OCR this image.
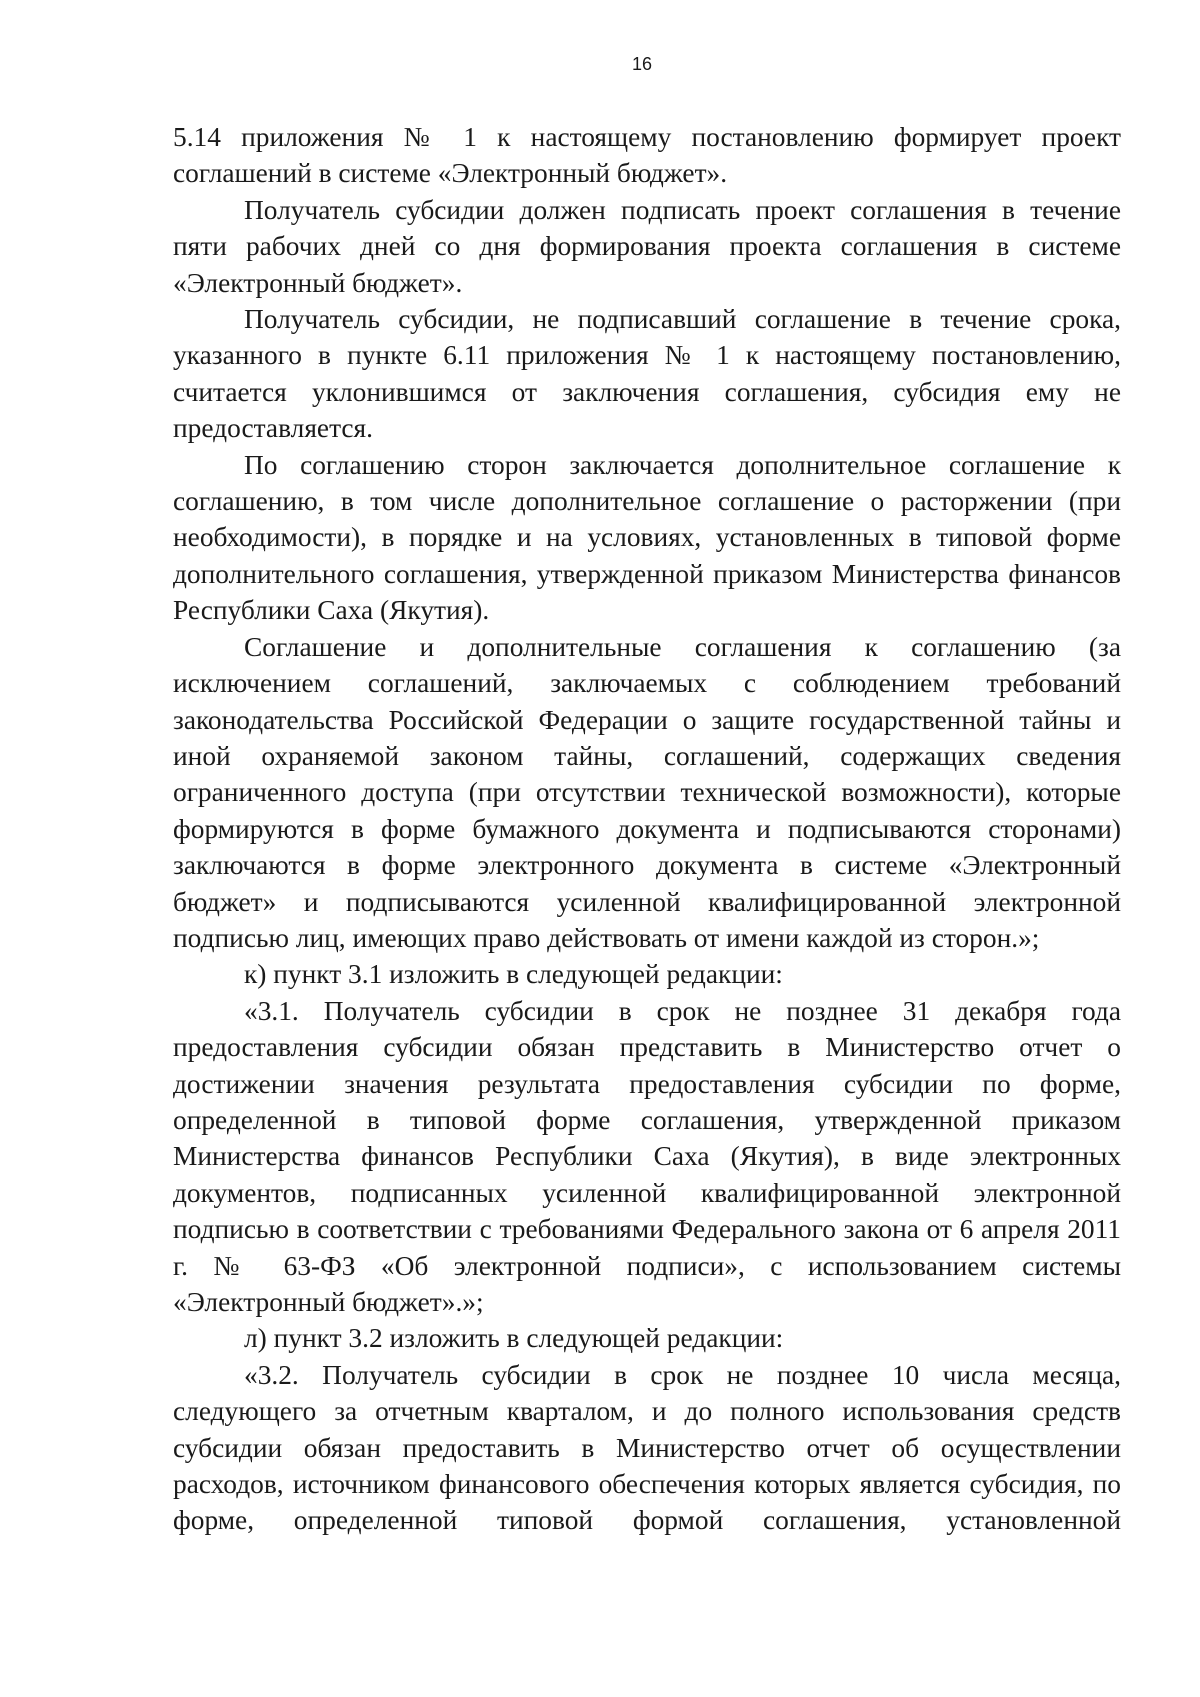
16

5.14 приложения № 1 к настоящему постановлению формирует проект соглашений в системе «Электронный бюджет».

Получатель субсидии должен подписать проект соглашения в течение пяти рабочих дней со дня формирования проекта соглашения в системе «Электронный бюджет».

Получатель субсидии, не подписавший соглашение в течение срока, указанного в пункте 6.11 приложения № 1 к настоящему постановлению, считается уклонившимся от заключения соглашения, субсидия ему не предоставляется.

По соглашению сторон заключается дополнительное соглашение к соглашению, в том числе дополнительное соглашение о расторжении (при необходимости), в порядке и на условиях, установленных в типовой форме дополнительного соглашения, утвержденной приказом Министерства финансов Республики Саха (Якутия).

Соглашение и дополнительные соглашения к соглашению (за исключением соглашений, заключаемых с соблюдением требований законодательства Российской Федерации о защите государственной тайны и иной охраняемой законом тайны, соглашений, содержащих сведения ограниченного доступа (при отсутствии технической возможности), которые формируются в форме бумажного документа и подписываются сторонами) заключаются в форме электронного документа в системе «Электронный бюджет» и подписываются усиленной квалифицированной электронной подписью лиц, имеющих право действовать от имени каждой из сторон.»;

к) пункт 3.1 изложить в следующей редакции:

«3.1. Получатель субсидии в срок не позднее 31 декабря года предоставления субсидии обязан представить в Министерство отчет о достижении значения результата предоставления субсидии по форме, определенной в типовой форме соглашения, утвержденной приказом Министерства финансов Республики Саха (Якутия), в виде электронных документов, подписанных усиленной квалифицированной электронной подписью в соответствии с требованиями Федерального закона от 6 апреля 2011 г. № 63-ФЗ «Об электронной подписи», с использованием системы «Электронный бюджет».»;

л) пункт 3.2 изложить в следующей редакции:

«3.2. Получатель субсидии в срок не позднее 10 числа месяца, следующего за отчетным кварталом, и до полного использования средств субсидии обязан предоставить в Министерство отчет об осуществлении расходов, источником финансового обеспечения которых является субсидия, по форме, определенной типовой формой соглашения, установленной
